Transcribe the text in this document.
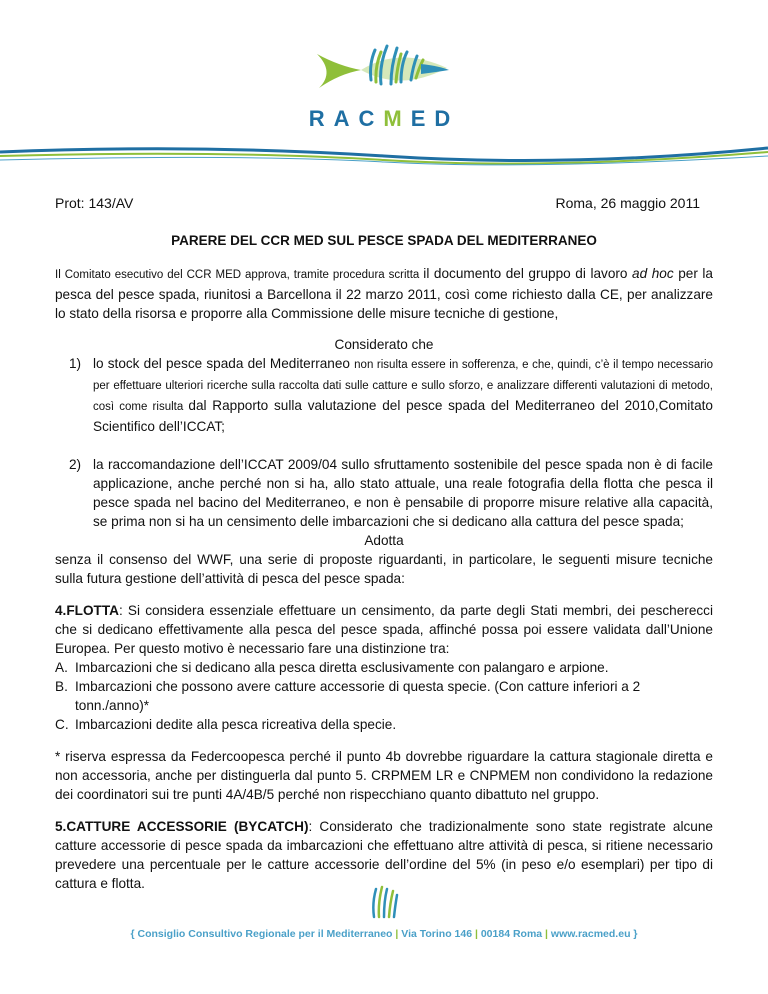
RACMED
Prot: 143/AV	Roma, 26 maggio 2011
PARERE DEL CCR MED SUL PESCE SPADA DEL MEDITERRANEO

Il Comitato esecutivo del CCR MED approva, tramite procedura scritta il documento del gruppo di lavoro ad hoc per la pesca del pesce spada, riunitosi a Barcellona il 22 marzo 2011, così come richiesto dalla CE, per analizzare lo stato della risorsa e proporre alla Commissione delle misure tecniche di gestione,

Considerato che

1) lo stock del pesce spada del Mediterraneo non risulta essere in sofferenza, e che, quindi, c’è il tempo necessario per effettuare ulteriori ricerche sulla raccolta dati sulle catture e sullo sforzo, e analizzare differenti valutazioni di metodo, così come risulta dal Rapporto sulla valutazione del pesce spada del Mediterraneo del 2010,Comitato Scientifico dell’ICCAT;
2) la raccomandazione dell’ICCAT 2009/04 sullo sfruttamento sostenibile del pesce spada non è di facile applicazione, anche perché non si ha, allo stato attuale, una reale fotografia della flotta che pesca il pesce spada nel bacino del Mediterraneo, e non è pensabile di proporre misure relative alla capacità, se prima non si ha un censimento delle imbarcazioni che si dedicano alla cattura del pesce spada;

Adotta

senza il consenso del WWF, una serie di proposte riguardanti, in particolare, le seguenti misure tecniche sulla futura gestione dell’attività di pesca del pesce spada:

4.FLOTTA: Si considera essenziale effettuare un censimento, da parte degli Stati membri, dei pescherecci che si dedicano effettivamente alla pesca del pesce spada, affinché possa poi essere validata dall’Unione Europea. Per questo motivo è necessario fare una distinzione tra:

A. Imbarcazioni che si dedicano alla pesca diretta esclusivamente con palangaro e arpione.
B. Imbarcazioni che possono avere catture accessorie di questa specie. (Con catture inferiori a 2 tonn./anno)*
C. Imbarcazioni dedite alla pesca ricreativa della specie.

* riserva espressa da Federcoopesca perché il punto 4b dovrebbe riguardare la cattura stagionale diretta e non accessoria, anche per distinguerla dal punto 5. CRPMEM LR e CNPMEM non condividono la redazione dei coordinatori sui tre punti 4A/4B/5 perché non rispecchiano quanto dibattuto nel gruppo.

5.CATTURE ACCESSORIE (BYCATCH): Considerato che tradizionalmente sono state registrate alcune catture accessorie di pesce spada da imbarcazioni che effettuano altre attività di pesca, si ritiene necessario prevedere una percentuale per le catture accessorie dell’ordine del 5% (in peso e/o esemplari) per tipo di cattura e flotta.

{ Consiglio Consultivo Regionale per il Mediterraneo | Via Torino 146 | 00184 Roma | www.racmed.eu }
